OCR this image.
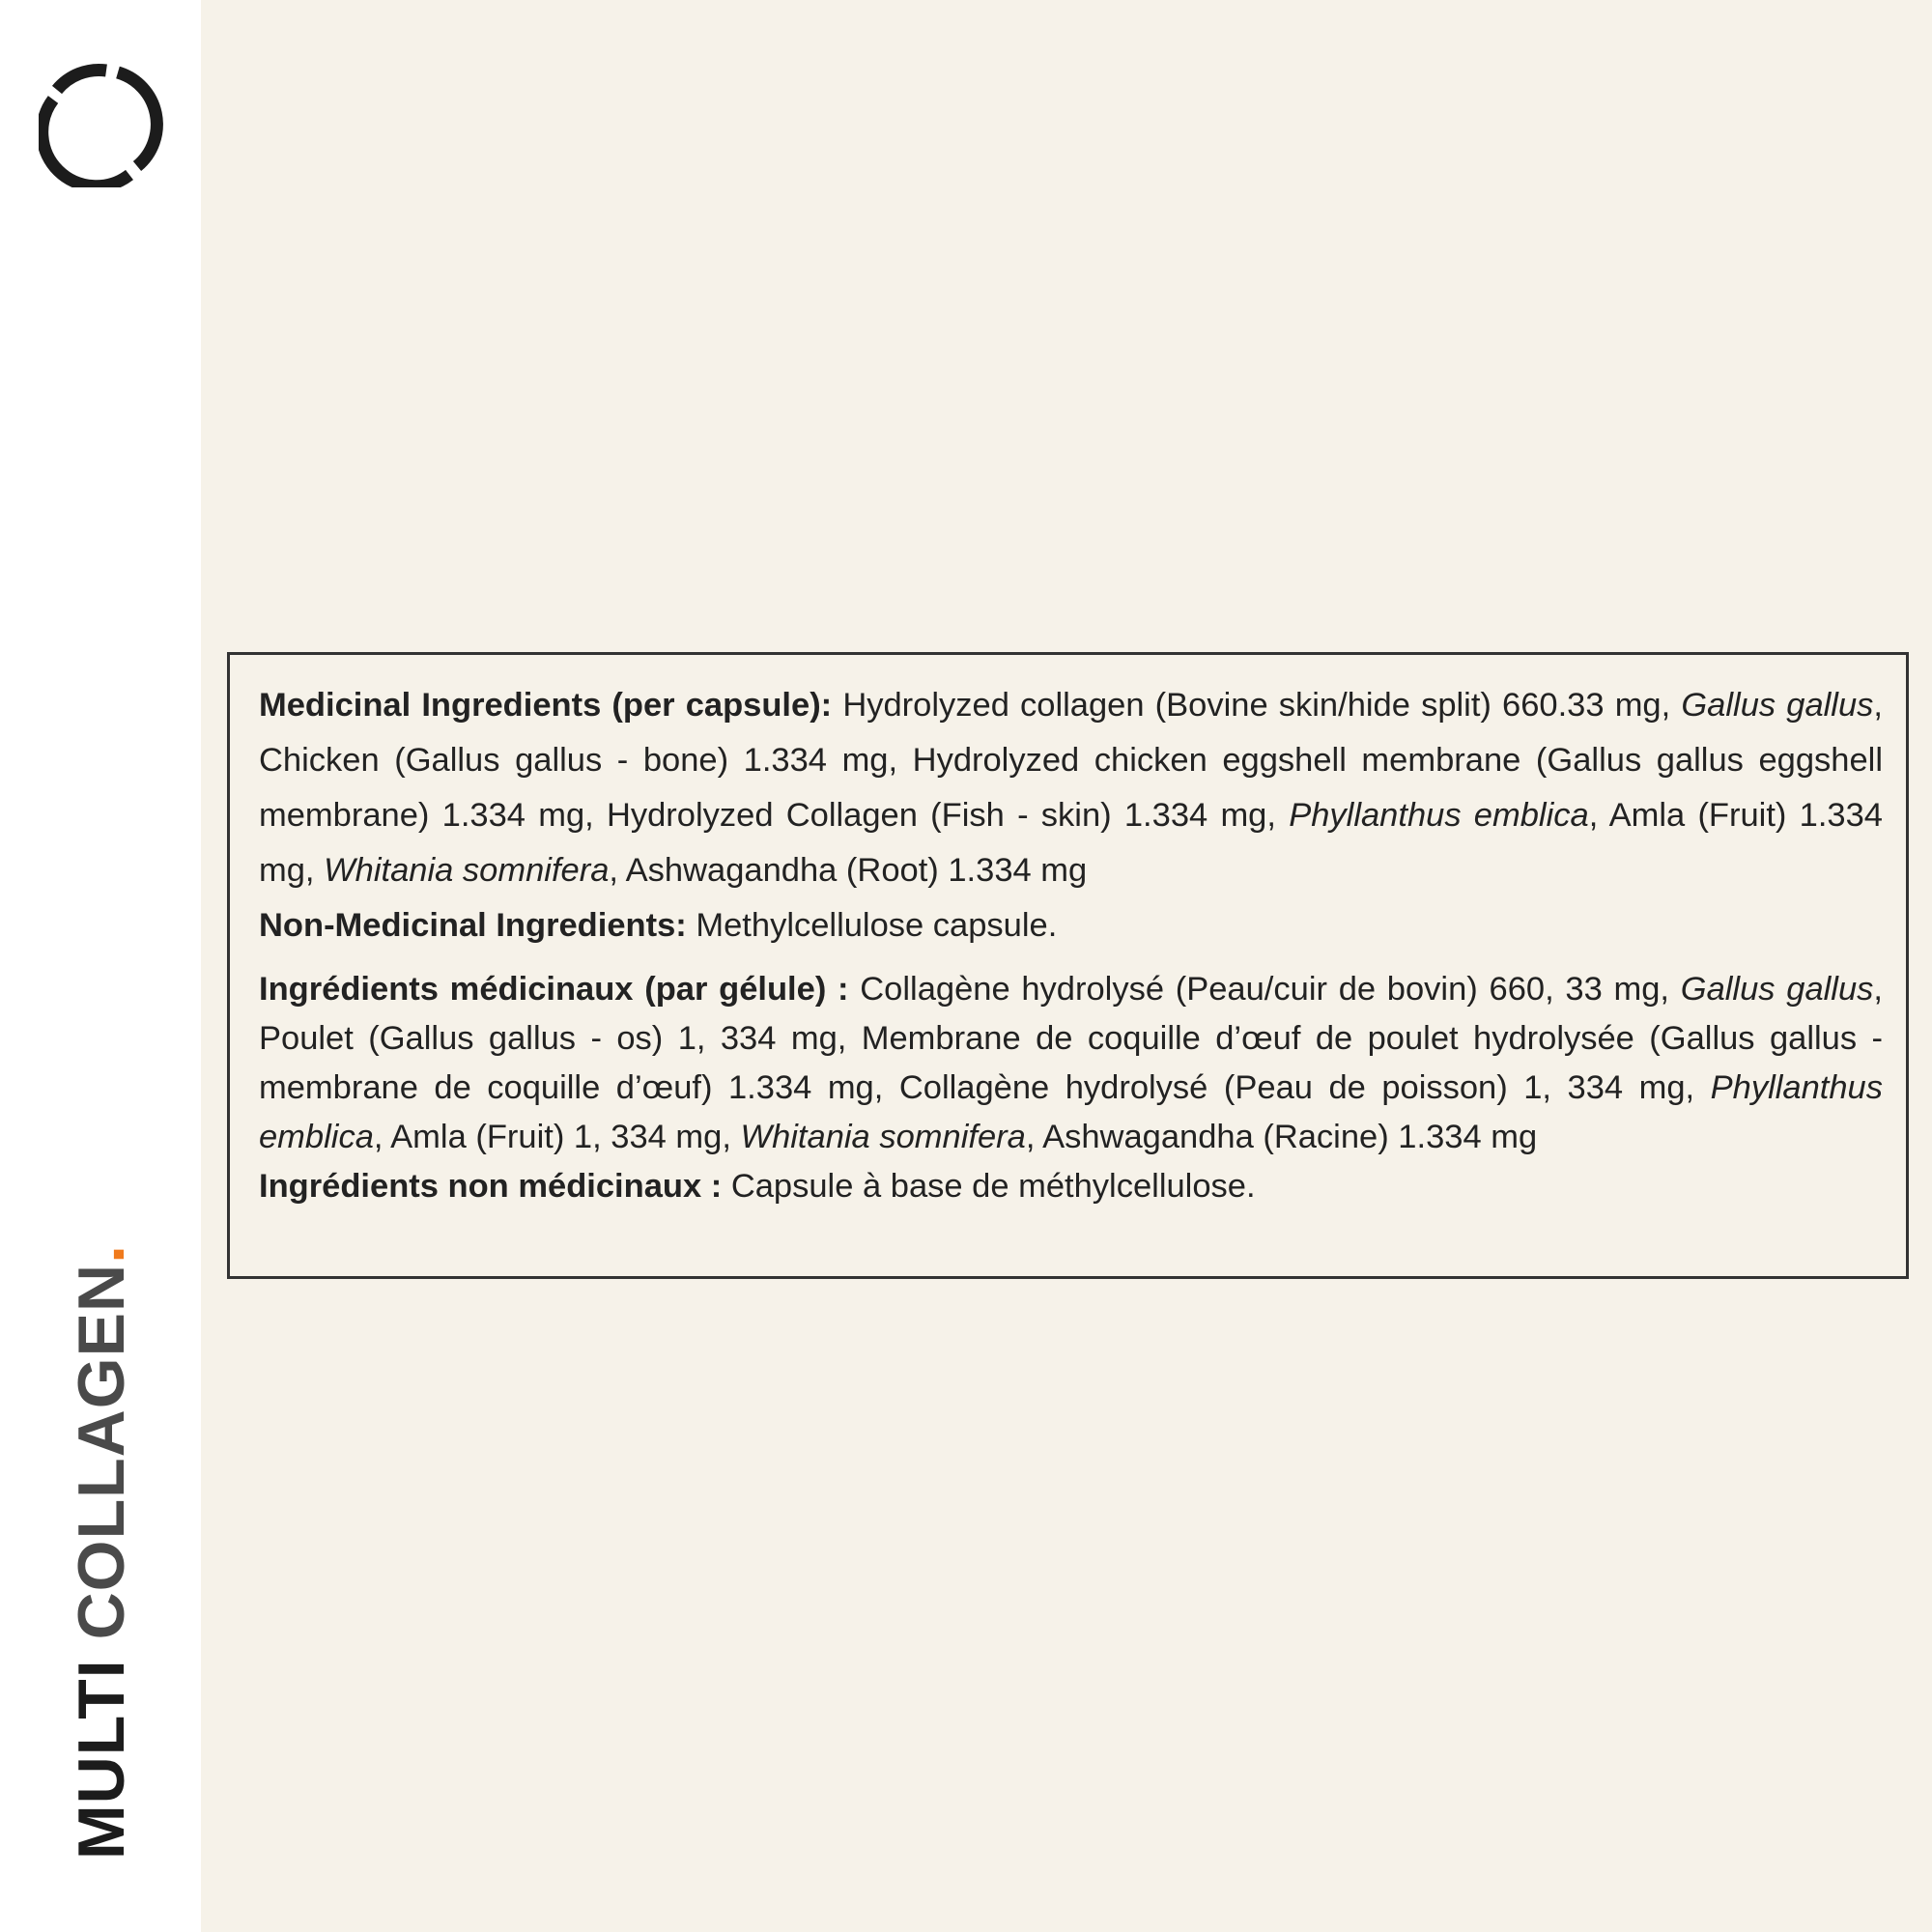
MULTI COLLAGEN.

Medicinal Ingredients (per capsule): Hydrolyzed collagen (Bovine skin/hide split) 660.33 mg, Gallus gallus, Chicken (Gallus gallus - bone) 1.334 mg, Hydrolyzed chicken eggshell membrane (Gallus gallus eggshell membrane) 1.334 mg, Hydrolyzed Collagen (Fish - skin) 1.334 mg, Phyllanthus emblica, Amla (Fruit) 1.334 mg, Whitania somnifera, Ashwagandha (Root) 1.334 mg

Non-Medicinal Ingredients: Methylcellulose capsule.

Ingrédients médicinaux (par gélule) : Collagène hydrolysé (Peau/cuir de bovin) 660, 33 mg, Gallus gallus, Poulet (Gallus gallus - os) 1, 334 mg, Membrane de coquille d’œuf de poulet hydrolysée (Gallus gallus - membrane de coquille d’œuf) 1.334 mg, Collagène hydrolysé (Peau de poisson) 1, 334 mg, Phyllanthus emblica, Amla (Fruit) 1, 334 mg, Whitania somnifera, Ashwagandha (Racine) 1.334 mg

Ingrédients non médicinaux : Capsule à base de méthylcellulose.
